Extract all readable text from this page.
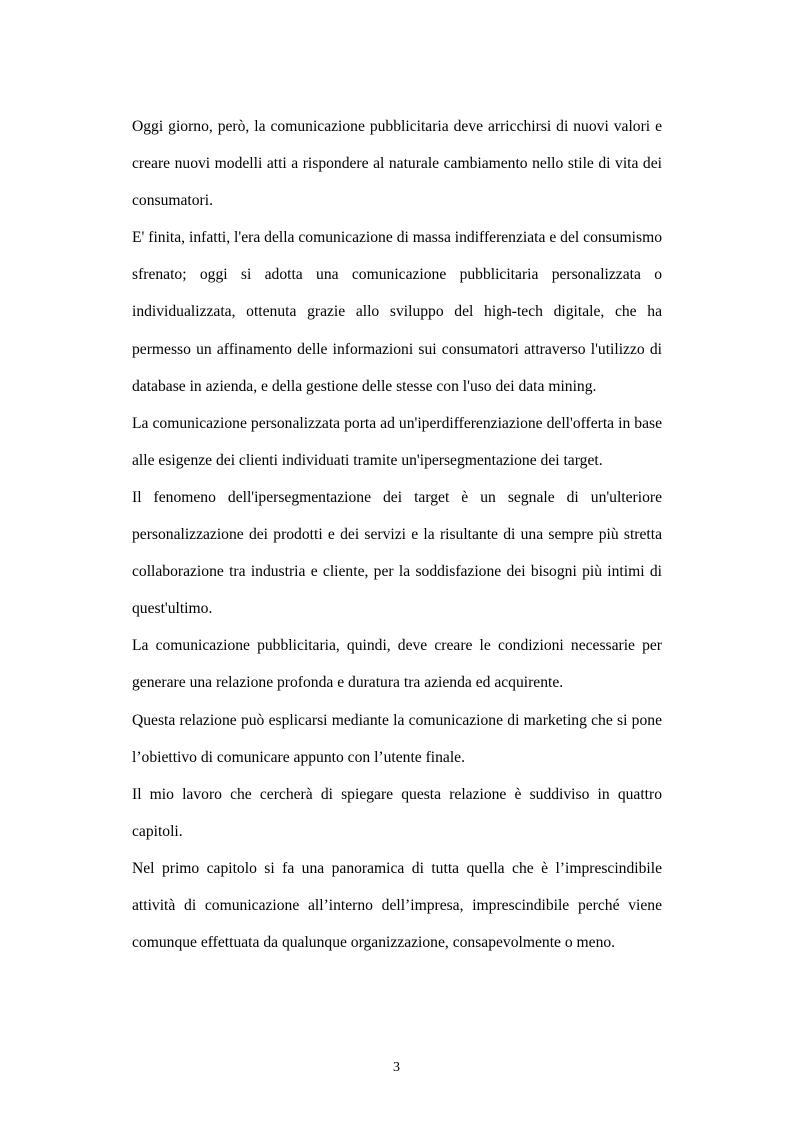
Oggi giorno, però, la comunicazione pubblicitaria deve arricchirsi di nuovi valori e creare nuovi modelli atti a rispondere al naturale cambiamento nello stile di vita dei consumatori.

E' finita, infatti, l'era della comunicazione di massa indifferenziata e del consumismo sfrenato; oggi si adotta una comunicazione pubblicitaria personalizzata o individualizzata, ottenuta grazie allo sviluppo del high-tech digitale, che ha permesso un affinamento delle informazioni sui consumatori attraverso l'utilizzo di database in azienda, e della gestione delle stesse con l'uso dei data mining.

La comunicazione personalizzata porta ad un'iperdifferenziazione dell'offerta in base alle esigenze dei clienti individuati tramite un'ipersegmentazione dei target.

Il fenomeno dell'ipersegmentazione dei target è un segnale di un'ulteriore personalizzazione dei prodotti e dei servizi e la risultante di una sempre più stretta collaborazione tra industria e cliente, per la soddisfazione dei bisogni più intimi di quest'ultimo.

La comunicazione pubblicitaria, quindi, deve creare le condizioni necessarie per generare una relazione profonda e duratura tra azienda ed acquirente.

Questa relazione può esplicarsi mediante la comunicazione di marketing che si pone l’obiettivo di comunicare appunto con l’utente finale.

Il mio lavoro che cercherà di spiegare questa relazione è suddiviso in quattro capitoli.

Nel primo capitolo si fa una panoramica di tutta quella che è l’imprescindibile attività di comunicazione all’interno dell’impresa, imprescindibile perché viene comunque effettuata da qualunque organizzazione, consapevolmente o meno.

3
